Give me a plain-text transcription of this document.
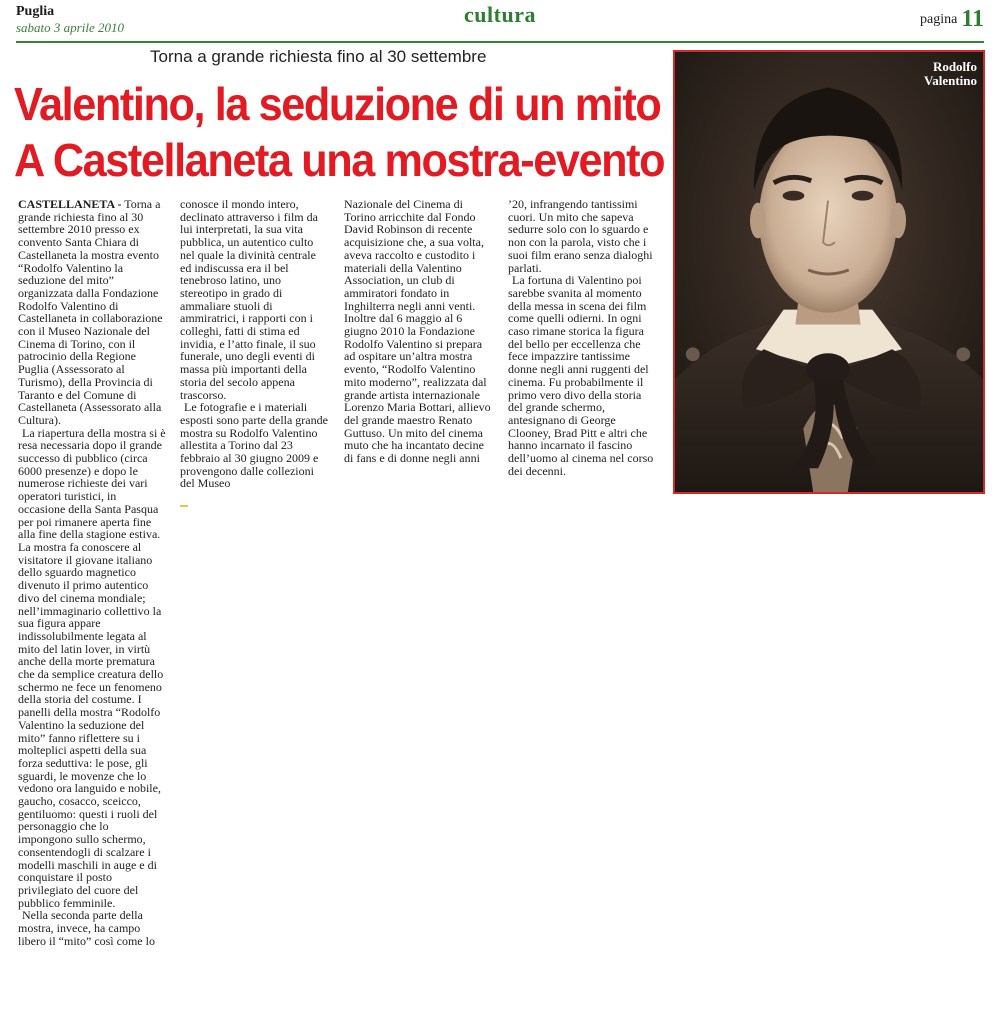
Puglia
sabato 3 aprile 2010
cultura	pagina 11
Torna a grande richiesta fino al 30 settembre
Valentino, la seduzione di un mito
A Castellaneta una mostra-evento

CASTELLANETA - Torna a grande richiesta fino al 30 settembre 2010 presso ex convento Santa Chiara di Castellaneta la mostra evento “Rodolfo Valentino la seduzione del mito” organizzata dalla Fondazione Rodolfo Valentino di Castellaneta in collaborazione con il Museo Nazionale del Cinema di Torino, con il patrocinio della Regione Puglia (Assessorato al Turismo), della Provincia di Taranto e del Comune di Castellaneta (Assessorato alla Cultura).

La riapertura della mostra si è resa necessaria dopo il grande successo di pubblico (circa 6000 presenze) e dopo le numerose richieste dei vari operatori turistici, in occasione della Santa Pasqua per poi rimanere aperta fine alla fine della stagione estiva. La mostra fa conoscere al visitatore il giovane italiano dello sguardo magnetico divenuto il primo autentico divo del cinema mondiale; nell’immaginario collettivo la sua figura appare indissolubilmente legata al mito del latin lover, in virtù anche della morte prematura che da semplice creatura dello schermo ne fece un fenomeno della storia del costume. I panelli della mostra “Rodolfo Valentino la seduzione del mito” fanno riflettere su i molteplici aspetti della sua forza seduttiva: le pose, gli sguardi, le movenze che lo vedono ora languido e nobile, gaucho, cosacco, sceicco, gentiluomo: questi i ruoli del personaggio che lo impongono sullo schermo, consentendogli di scalzare i modelli maschili in auge e di conquistare il posto privilegiato del cuore del pubblico femminile.

Nella seconda parte della mostra, invece, ha campo libero il “mito” così come lo

conosce il mondo intero, declinato attraverso i film da lui interpretati, la sua vita pubblica, un autentico culto nel quale la divinità centrale ed indiscussa era il bel tenebroso latino, uno stereotipo in grado di ammaliare stuoli di ammiratrici, i rapporti con i colleghi, fatti di stima ed invidia, e l’atto finale, il suo funerale, uno degli eventi di massa più importanti della storia del secolo appena trascorso.

Le fotografie e i materiali esposti sono parte della grande mostra su Rodolfo Valentino allestita a Torino dal 23 febbraio al 30 giugno 2009 e provengono dalle collezioni del Museo

Nazionale del Cinema di Torino arricchite dal Fondo David Robinson di recente acquisizione che, a sua volta, aveva raccolto e custodito i materiali della Valentino Association, un club di ammiratori fondato in Inghilterra negli anni venti. Inoltre dal 6 maggio al 6 giugno 2010 la Fondazione Rodolfo Valentino si prepara ad ospitare un’altra mostra evento, “Rodolfo Valentino mito moderno”, realizzata dal grande artista internazionale Lorenzo Maria Bottari, allievo del grande maestro Renato Guttuso. Un mito del cinema muto che ha incantato decine di fans e di donne negli anni

’20, infrangendo tantissimi cuori. Un mito che sapeva sedurre solo con lo sguardo e non con la parola, visto che i suoi film erano senza dialoghi parlati.

La fortuna di Valentino poi sarebbe svanita al momento della messa in scena dei film come quelli odierni. In ogni caso rimane storica la figura del bello per eccellenza che fece impazzire tantissime donne negli anni ruggenti del cinema. Fu probabilmente il primo vero divo della storia del grande schermo, antesignano di George Clooney, Brad Pitt e altri che hanno incarnato il fascino dell’uomo al cinema nel corso dei decenni.

Rodolfo
Valentino
